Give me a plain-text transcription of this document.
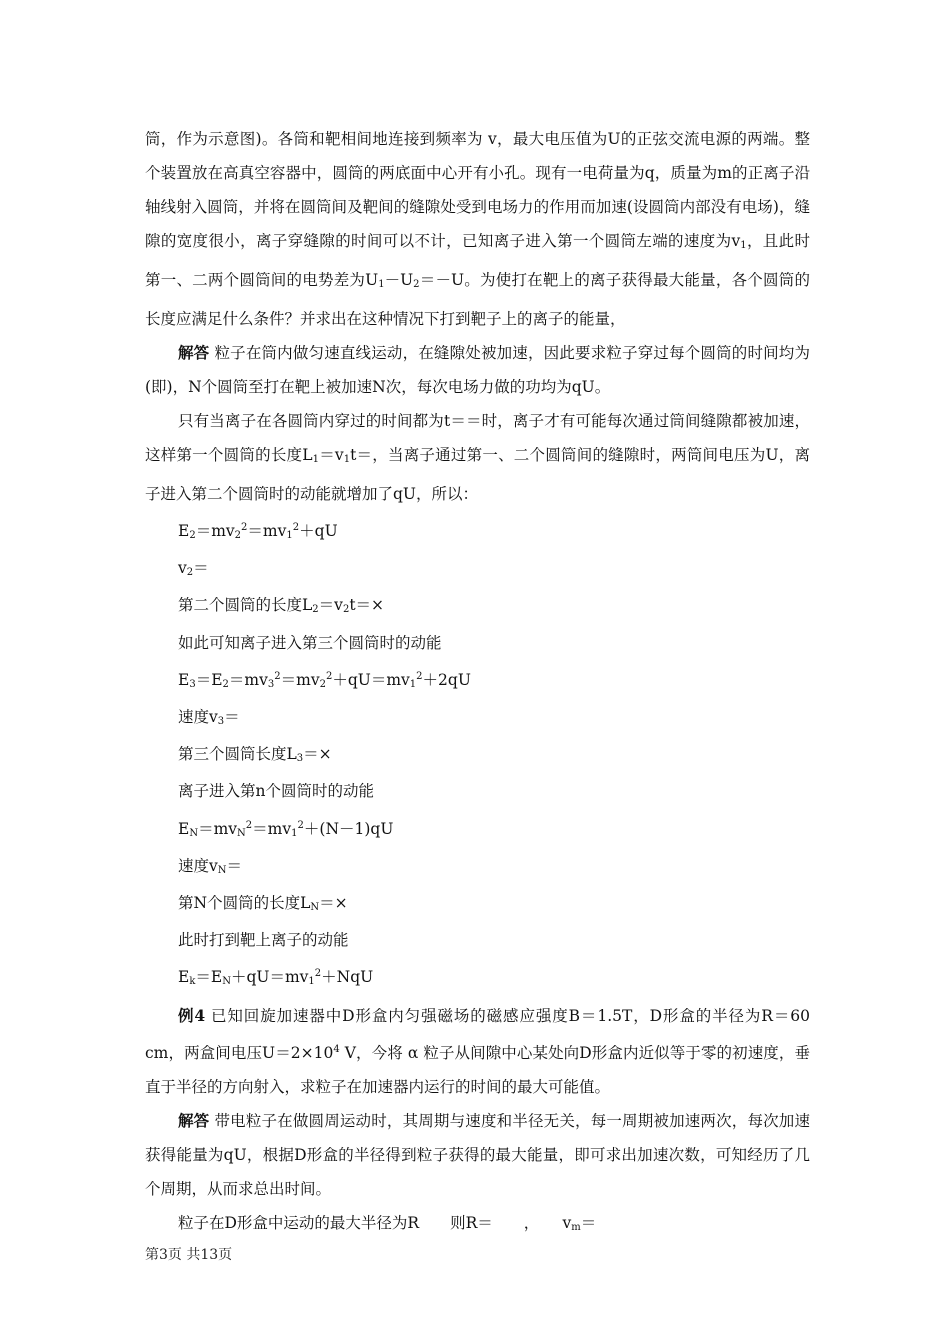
筒，作为示意图)。各筒和靶相间地连接到频率为 v，最大电压值为U的正弦交流电源的两端。整个装置放在高真空容器中，圆筒的两底面中心开有小孔。现有一电荷量为q，质量为m的正离子沿轴线射入圆筒，并将在圆筒间及靶间的缝隙处受到电场力的作用而加速(设圆筒内部没有电场)，缝隙的宽度很小，离子穿缝隙的时间可以不计，已知离子进入第一个圆筒左端的速度为$v_1$，且此时第一、二两个圆筒间的电势差为$U_1-U_2=-U$。为使打在靶上的离子获得最大能量，各个圆筒的长度应满足什么条件？并求出在这种情况下打到靶子上的离子的能量，

解答 粒子在筒内做匀速直线运动，在缝隙处被加速，因此要求粒子穿过每个圆筒的时间均为(即)，N个圆筒至打在靶上被加速N次，每次电场力做的功均为qU。

只有当离子在各圆筒内穿过的时间都为t＝＝时，离子才有可能每次通过筒间缝隙都被加速，这样第一个圆筒的长度$L_1=v_1t=$，当离子通过第一、二个圆筒间的缝隙时，两筒间电压为U，离子进入第二个圆筒时的动能就增加了qU，所以：

$E_2=mv_2^2=mv_1^2+qU$

$v_2=$

第二个圆筒的长度$L_2=v_2t=\times$

如此可知离子进入第三个圆筒时的动能

$E_3=E_2=mv_3^2=mv_2^2+qU=mv_1^2+2qU$

速度$v_3=$

第三个圆筒长度$L_3=\times$

离子进入第n个圆筒时的动能

$E_N=mv_N^2=mv_1^2+(N-1)qU$

速度$v_N=$

第N个圆筒的长度$L_N=\times$

此时打到靶上离子的动能

$E_k=E_N+qU=mv_1^2+NqU$

例4 已知回旋加速器中D形盒内匀强磁场的磁感应强度B＝1.5T，D形盒的半径为R＝60 cm，两盒间电压$U=2\times 10^4$ V，今将 α 粒子从间隙中心某处向D形盒内近似等于零的初速度，垂直于半径的方向射入，求粒子在加速器内运行的时间的最大可能值。

解答 带电粒子在做圆周运动时，其周期与速度和半径无关，每一周期被加速两次，每次加速获得能量为qU，根据D形盒的半径得到粒子获得的最大能量，即可求出加速次数，可知经历了几个周期，从而求总出时间。

粒子在D形盒中运动的最大半径为R　　则R＝　　，　　$v_m=$

第3页 共13页
